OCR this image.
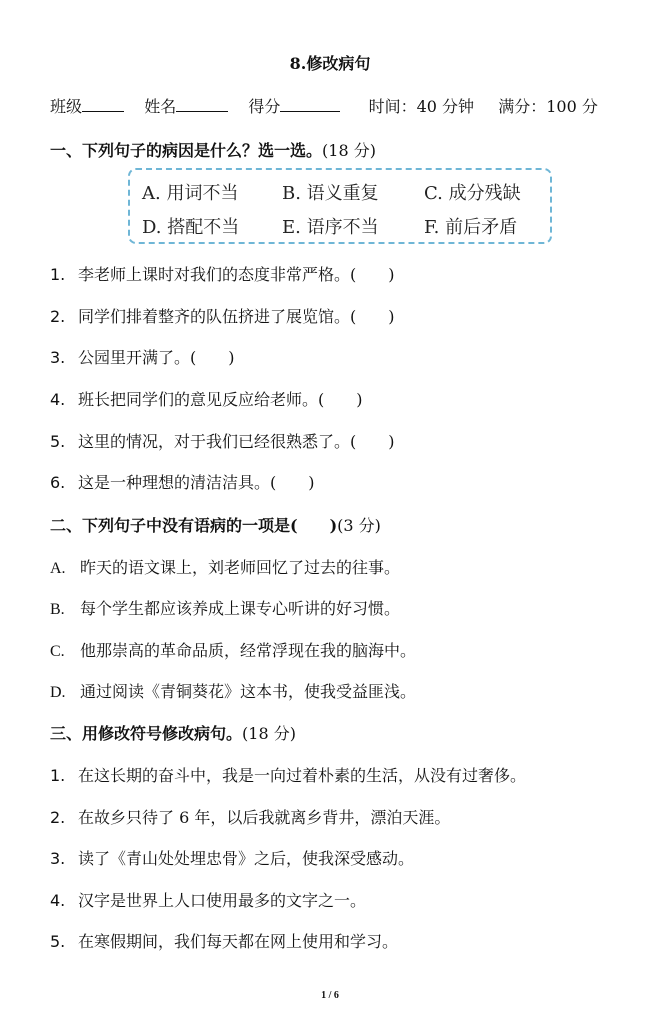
8.修改病句
班级	姓名	得分	时间：40 分钟 满分：100 分
一、下列句子的病因是什么？选一选。(18 分)
A. 用词不当 B. 语义重复	C. 成分残缺
D. 搭配不当 E. 语序不当	F. 前后矛盾
1. 李老师上课时对我们的态度非常严格。(　　)
2. 同学们排着整齐的队伍挤进了展览馆。(　　)
3. 公园里开满了。(　　)
4. 班长把同学们的意见反应给老师。(　　)
5. 这里的情况，对于我们已经很熟悉了。(　　)
6. 这是一种理想的清洁洁具。(　　)
二、下列句子中没有语病的一项是(　　)(3 分)
A. 昨天的语文课上，刘老师回忆了过去的往事。
B. 每个学生都应该养成上课专心听讲的好习惯。
C. 他那崇高的革命品质，经常浮现在我的脑海中。
D. 通过阅读《青铜葵花》这本书，使我受益匪浅。
三、用修改符号修改病句。(18 分)
1. 在这长期的奋斗中，我是一向过着朴素的生活，从没有过奢侈。
2. 在故乡只待了 6 年，以后我就离乡背井，漂泊天涯。
3. 读了《青山处处埋忠骨》之后，使我深受感动。
4. 汉字是世界上人口使用最多的文字之一。
5. 在寒假期间，我们每天都在网上使用和学习。
1 / 6
